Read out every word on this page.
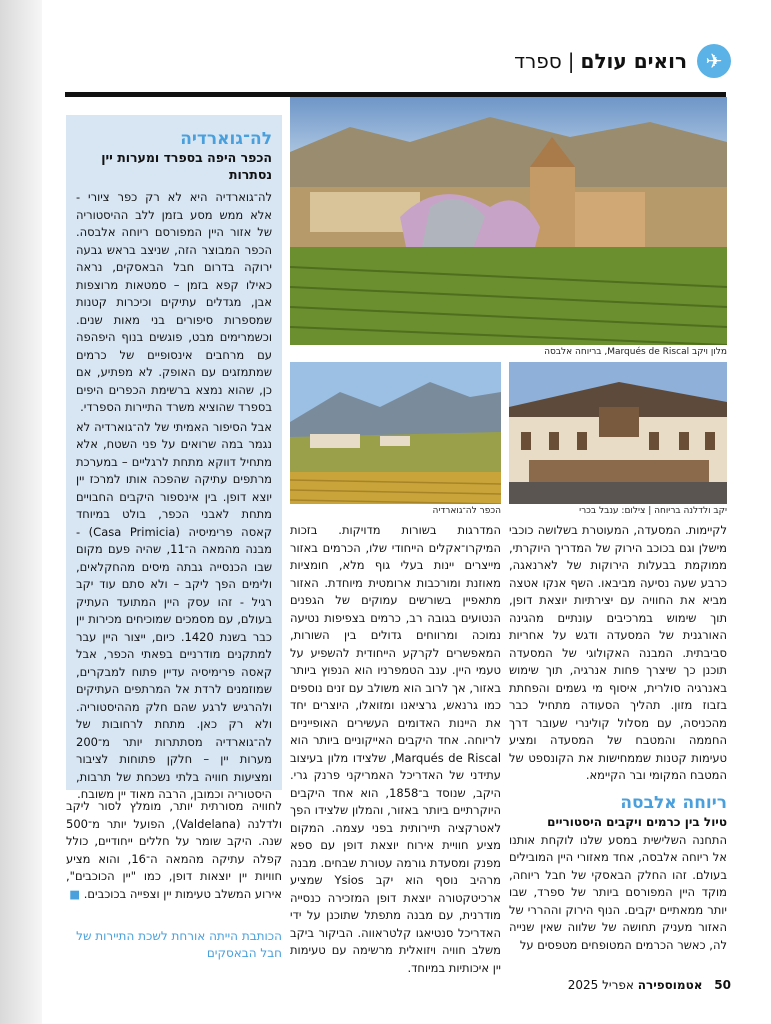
✈
רואים עולם
|
ספרד
מלון ויקב Marqués de Riscal, בריוחה אלבסה
יקב ולדלנה בריוחה | צילום: ענבל בכרי
הכפר לה־גוארדיה
לה־גוארדיה
הכפר היפה בספרד ומערות יין נסתרות

לה־גוארדיה היא לא רק כפר ציורי - אלא ממש מסע בזמן ללב ההיסטוריה של אזור היין המפורסם ריוחה אלבסה. הכפר המבוצר הזה, שניצב בראש גבעה ירוקה בדרום חבל הבאסקים, נראה כאילו קפא בזמן – סמטאות מרוצפות אבן, מגדלים עתיקים וכיכרות קטנות שמספרות סיפורים בני מאות שנים. וכשמרימים מבט, פוגשים בנוף היפהפה עם מרחבים אינסופיים של כרמים שמתמזגים עם האופק. לא מפתיע, אם כן, שהוא נמצא ברשימת הכפרים היפים בספרד שהוציא משרד התיירות הספרדי.

אבל הסיפור האמיתי של לה־גוארדיה לא נגמר במה שרואים על פני השטח, אלא מתחיל דווקא מתחת לרגליים – במערכת מרתפים עתיקה שהפכה אותו למרכז יין יוצא דופן. בין אינספור היקבים החבויים מתחת לאבני הכפר, בולט במיוחד קאסה פרימיסיה (Casa Primicia) - מבנה מהמאה ה־11, שהיה פעם מקום שבו הכנסייה גבתה מיסים מהחקלאים, ולימים הפך ליקב – ולא סתם עוד יקב רגיל - זהו עסק היין המתועד העתיק בעולם, עם מסמכים שמוכיחים מכירות יין כבר בשנת 1420. כיום, ייצור היין עבר למתקנים מודרניים בפאתי הכפר, אבל קאסה פרימיסיה עדיין פתוח למבקרים, שמוזמנים לרדת אל המרתפים העתיקים ולהרגיש לרגע שהם חלק מההיסטוריה. ולא רק כאן. מתחת לרחובות של לה־גוארדיה מסתתרות יותר מ־200 מערות יין – חלקן פתוחות לציבור ומציעות חוויה בלתי נשכחת של תרבות, היסטוריה וכמובן, הרבה מאוד יין משובח.

לחוויה מסורתית יותר, מומלץ לסור ליקב ולדלנה (Valdelana), הפועל יותר מ־500 שנה. היקב שומר על חללים ייחודיים, כולל קפלה עתיקה מהמאה ה־16, והוא מציע חוויות יין יוצאות דופן, כמו "יין הכוכבים", אירוע המשלב טעימות יין וצפייה בכוכבים. ■

הכותבת הייתה אורחת לשכת התיירות של חבל הבאסקים

המדרגות בשורות מדויקות. בזכות המיקרו־אקלים הייחודי שלו, הכרמים באזור מייצרים יינות בעלי גוף מלא, חומציות מאוזנת ומורכבות ארומטית מיוחדת. האזור מתאפיין בשורשים עמוקים של הגפנים הנטועים בגובה רב, כרמים בצפיפות נטיעה נמוכה ומרווחים גדולים בין השורות, המאפשרים לקרקע הייחודית להשפיע על טעמי היין. ענב הטמפרניו הוא הנפוץ ביותר באזור, אך לרוב הוא משולב עם זנים נוספים כמו גרנאש, גרציאנו ומזואלו, היוצרים יחד את היינות האדומים העשירים האופייניים לריוחה. אחד היקבים האייקוניים ביותר הוא Marqués de Riscal, שלצידו מלון בעיצוב עתידני של האדריכל האמריקני פרנק גרי. היקב, שנוסד ב־1858, הוא אחד היקבים היוקרתיים ביותר באזור, והמלון שלצידו הפך לאטרקציה תיירותית בפני עצמה. המקום מציע חוויית אירוח יוצאת דופן עם ספא מפנק ומסעדת גורמה עטורת שבחים. מבנה מרהיב נוסף הוא יקב Ysios שמציע ארכיטקטורה יוצאת דופן המזכירה כנסייה מודרנית, עם מבנה מתפתל שתוכנן על ידי האדריכל סנטיאגו קלטראווה. הביקור ביקב משלב חוויה ויזואלית מרשימה עם טעימות יין איכותיות במיוחד.

לקיימות. המסעדה, המעוטרת בשלושה כוכבי מישלן וגם בכוכב הירוק של המדריך היוקרתי, ממוקמת בבעלות הירוקות של לארנאגה, כרבע שעה נסיעה מביבאו. השף אנקו אטצה מביא את החוויה עם יצירתיות יוצאת דופן, תוך שימוש במרכיבים עונתיים מהגינה האורגנית של המסעדה ודגש על אחריות סביבתית. המבנה האקולוגי של המסעדה תוכנן כך שיצרך פחות אנרגיה, תוך שימוש באנרגיה סולרית, איסוף מי גשמים והפחתת בזבוז מזון. תהליך הסעודה מתחיל כבר מהכניסה, עם מסלול קולינרי שעובר דרך החממה והמטבח של המסעדה ומציע טעימות קטנות שממחישות את הקונספט של המטבח המקומי ובר הקיימא.

ריוחה אלבסה
טיול בין כרמים ויקבים היסטוריים

התחנה השלישית במסע שלנו לוקחת אותנו אל ריוחה אלבסה, אחד מאזורי היין המובילים בעולם. זהו החלק הבאסקי של חבל ריוחה, מוקד היין המפורסם ביותר של ספרד, שבו יותר ממאתיים יקבים. הנוף הירוק וההררי של האזור מעניק תחושה של שלווה שאין שנייה לה, כאשר הכרמים המטופחים מטפסים על

50 אטמוספירה אפריל 2025
